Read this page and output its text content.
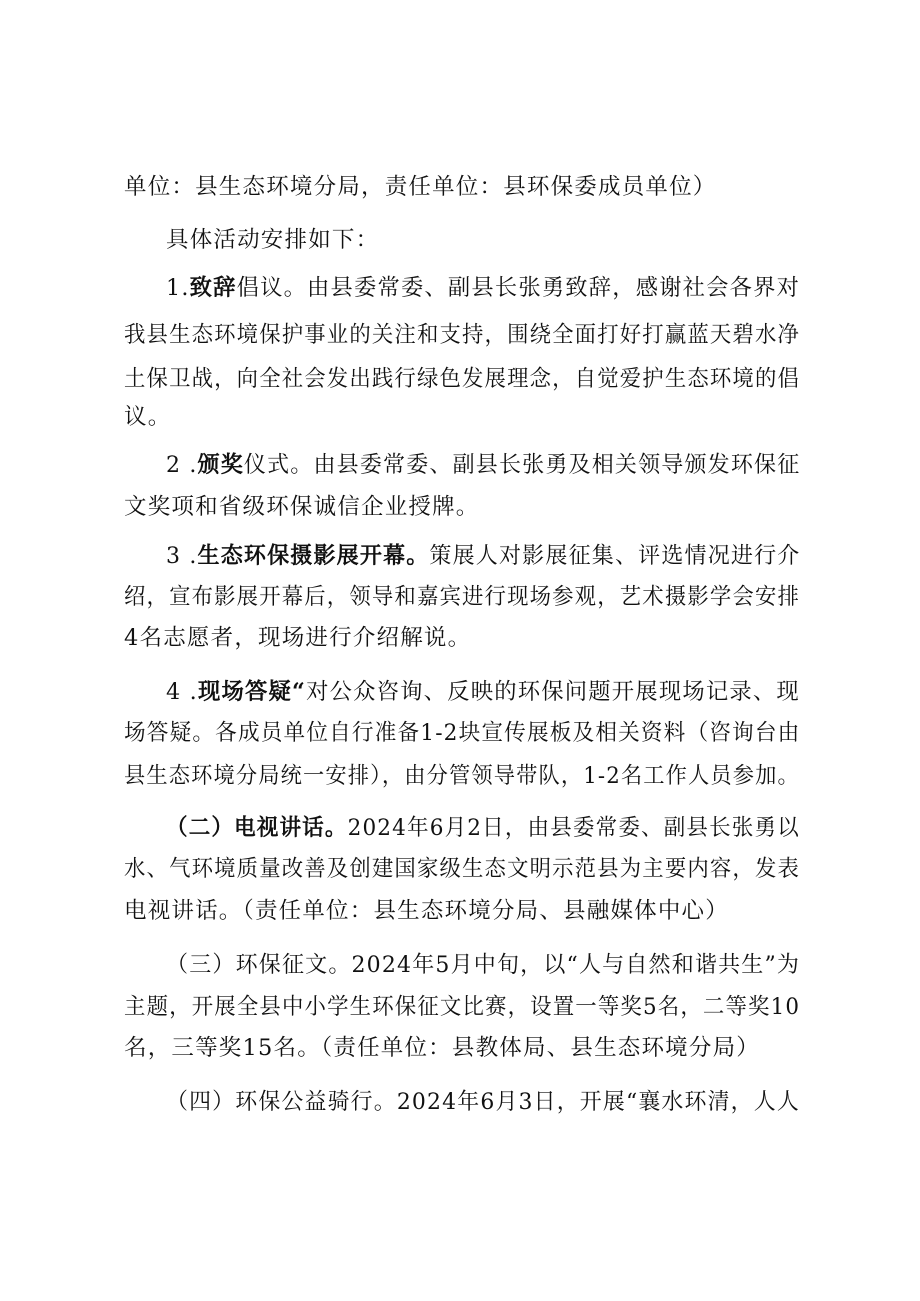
单位：县生态环境分局，责任单位：县环保委成员单位）
具体活动安排如下：
1.致辞倡议。由县委常委、副县长张勇致辞，感谢社会各界对
我县生态环境保护事业的关注和支持，围绕全面打好打赢蓝天碧水净
土保卫战，向全社会发出践行绿色发展理念，自觉爱护生态环境的倡
议。
2 .颁奖仪式。由县委常委、副县长张勇及相关领导颁发环保征
文奖项和省级环保诚信企业授牌。
3 .生态环保摄影展开幕。策展人对影展征集、评选情况进行介
绍，宣布影展开幕后，领导和嘉宾进行现场参观，艺术摄影学会安排
4名志愿者，现场进行介绍解说。
4 .现场答疑“对公众咨询、反映的环保问题开展现场记录、现
场答疑。各成员单位自行准备1-2块宣传展板及相关资料（咨询台由
县生态环境分局统一安排），由分管领导带队，1-2名工作人员参加。
（二）电视讲话。2024年6月2日，由县委常委、副县长张勇以
水、气环境质量改善及创建国家级生态文明示范县为主要内容，发表
电视讲话。（责任单位：县生态环境分局、县融媒体中心）
（三）环保征文。2024年5月中旬，以“人与自然和谐共生”为
主题，开展全县中小学生环保征文比赛，设置一等奖5名，二等奖10
名，三等奖15名。（责任单位：县教体局、县生态环境分局）
（四）环保公益骑行。2024年6月3日，开展“襄水环清，人人
